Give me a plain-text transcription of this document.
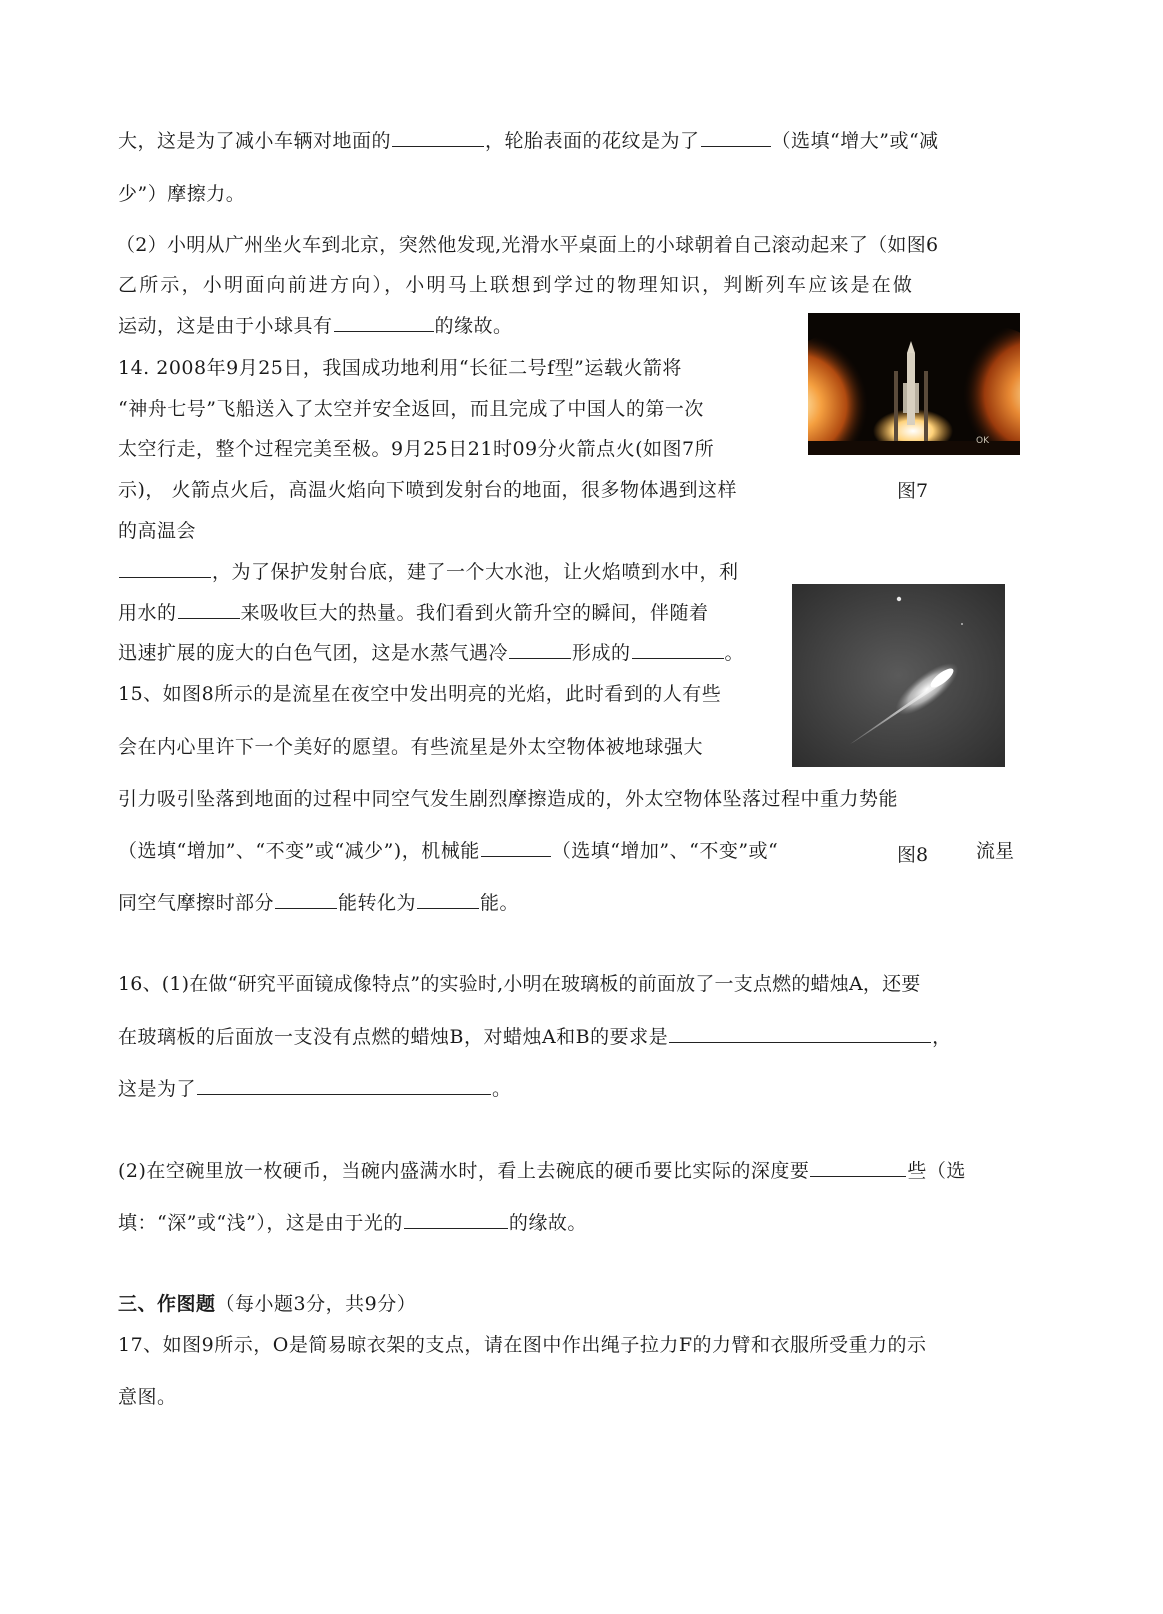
大，这是为了减小车辆对地面的	，轮胎表面的花纹是为了	（选填“增大”或“减
少”）摩擦力。
（2）小明从广州坐火车到北京，突然他发现,光滑水平桌面上的小球朝着自己滚动起来了（如图6
乙所示，小明面向前进方向），小明马上联想到学过的物理知识，判断列车应该是在做
运动，这是由于小球具有	的缘故。
OK
14. 2008年9月25日，我国成功地利用“长征二号f型”运载火箭将
“神舟七号”飞船送入了太空并安全返回，而且完成了中国人的第一次
太空行走，整个过程完美至极。9月25日21时09分火箭点火(如图7所
示)， 火箭点火后，高温火焰向下喷到发射台的地面，很多物体遇到这样	图7
的高温会
，为了保护发射台底，建了一个大水池，让火焰喷到水中，利
用水的	来吸收巨大的热量。我们看到火箭升空的瞬间，伴随着
迅速扩展的庞大的白色气团，这是水蒸气遇冷	形成的	。
15、如图8所示的是流星在夜空中发出明亮的光焰，此时看到的人有些
会在内心里许下一个美好的愿望。有些流星是外太空物体被地球强大
引力吸引坠落到地面的过程中同空气发生剧烈摩擦造成的，外太空物体坠落过程中重力势能
（选填“增加”、“不变”或“减少”)，机械能	（选填“增加”、“不变”或“	图8	流星
同空气摩擦时部分	能转化为	能。
16、(1)在做“研究平面镜成像特点”的实验时,小明在玻璃板的前面放了一支点燃的蜡烛A，还要
在玻璃板的后面放一支没有点燃的蜡烛B，对蜡烛A和B的要求是	，
这是为了	。
(2)在空碗里放一枚硬币，当碗内盛满水时，看上去碗底的硬币要比实际的深度要	些（选
填：“深”或“浅”），这是由于光的	的缘故。
三、作图题（每小题3分，共9分）
17、如图9所示，O是简易晾衣架的支点，请在图中作出绳子拉力F的力臂和衣服所受重力的示
意图。
